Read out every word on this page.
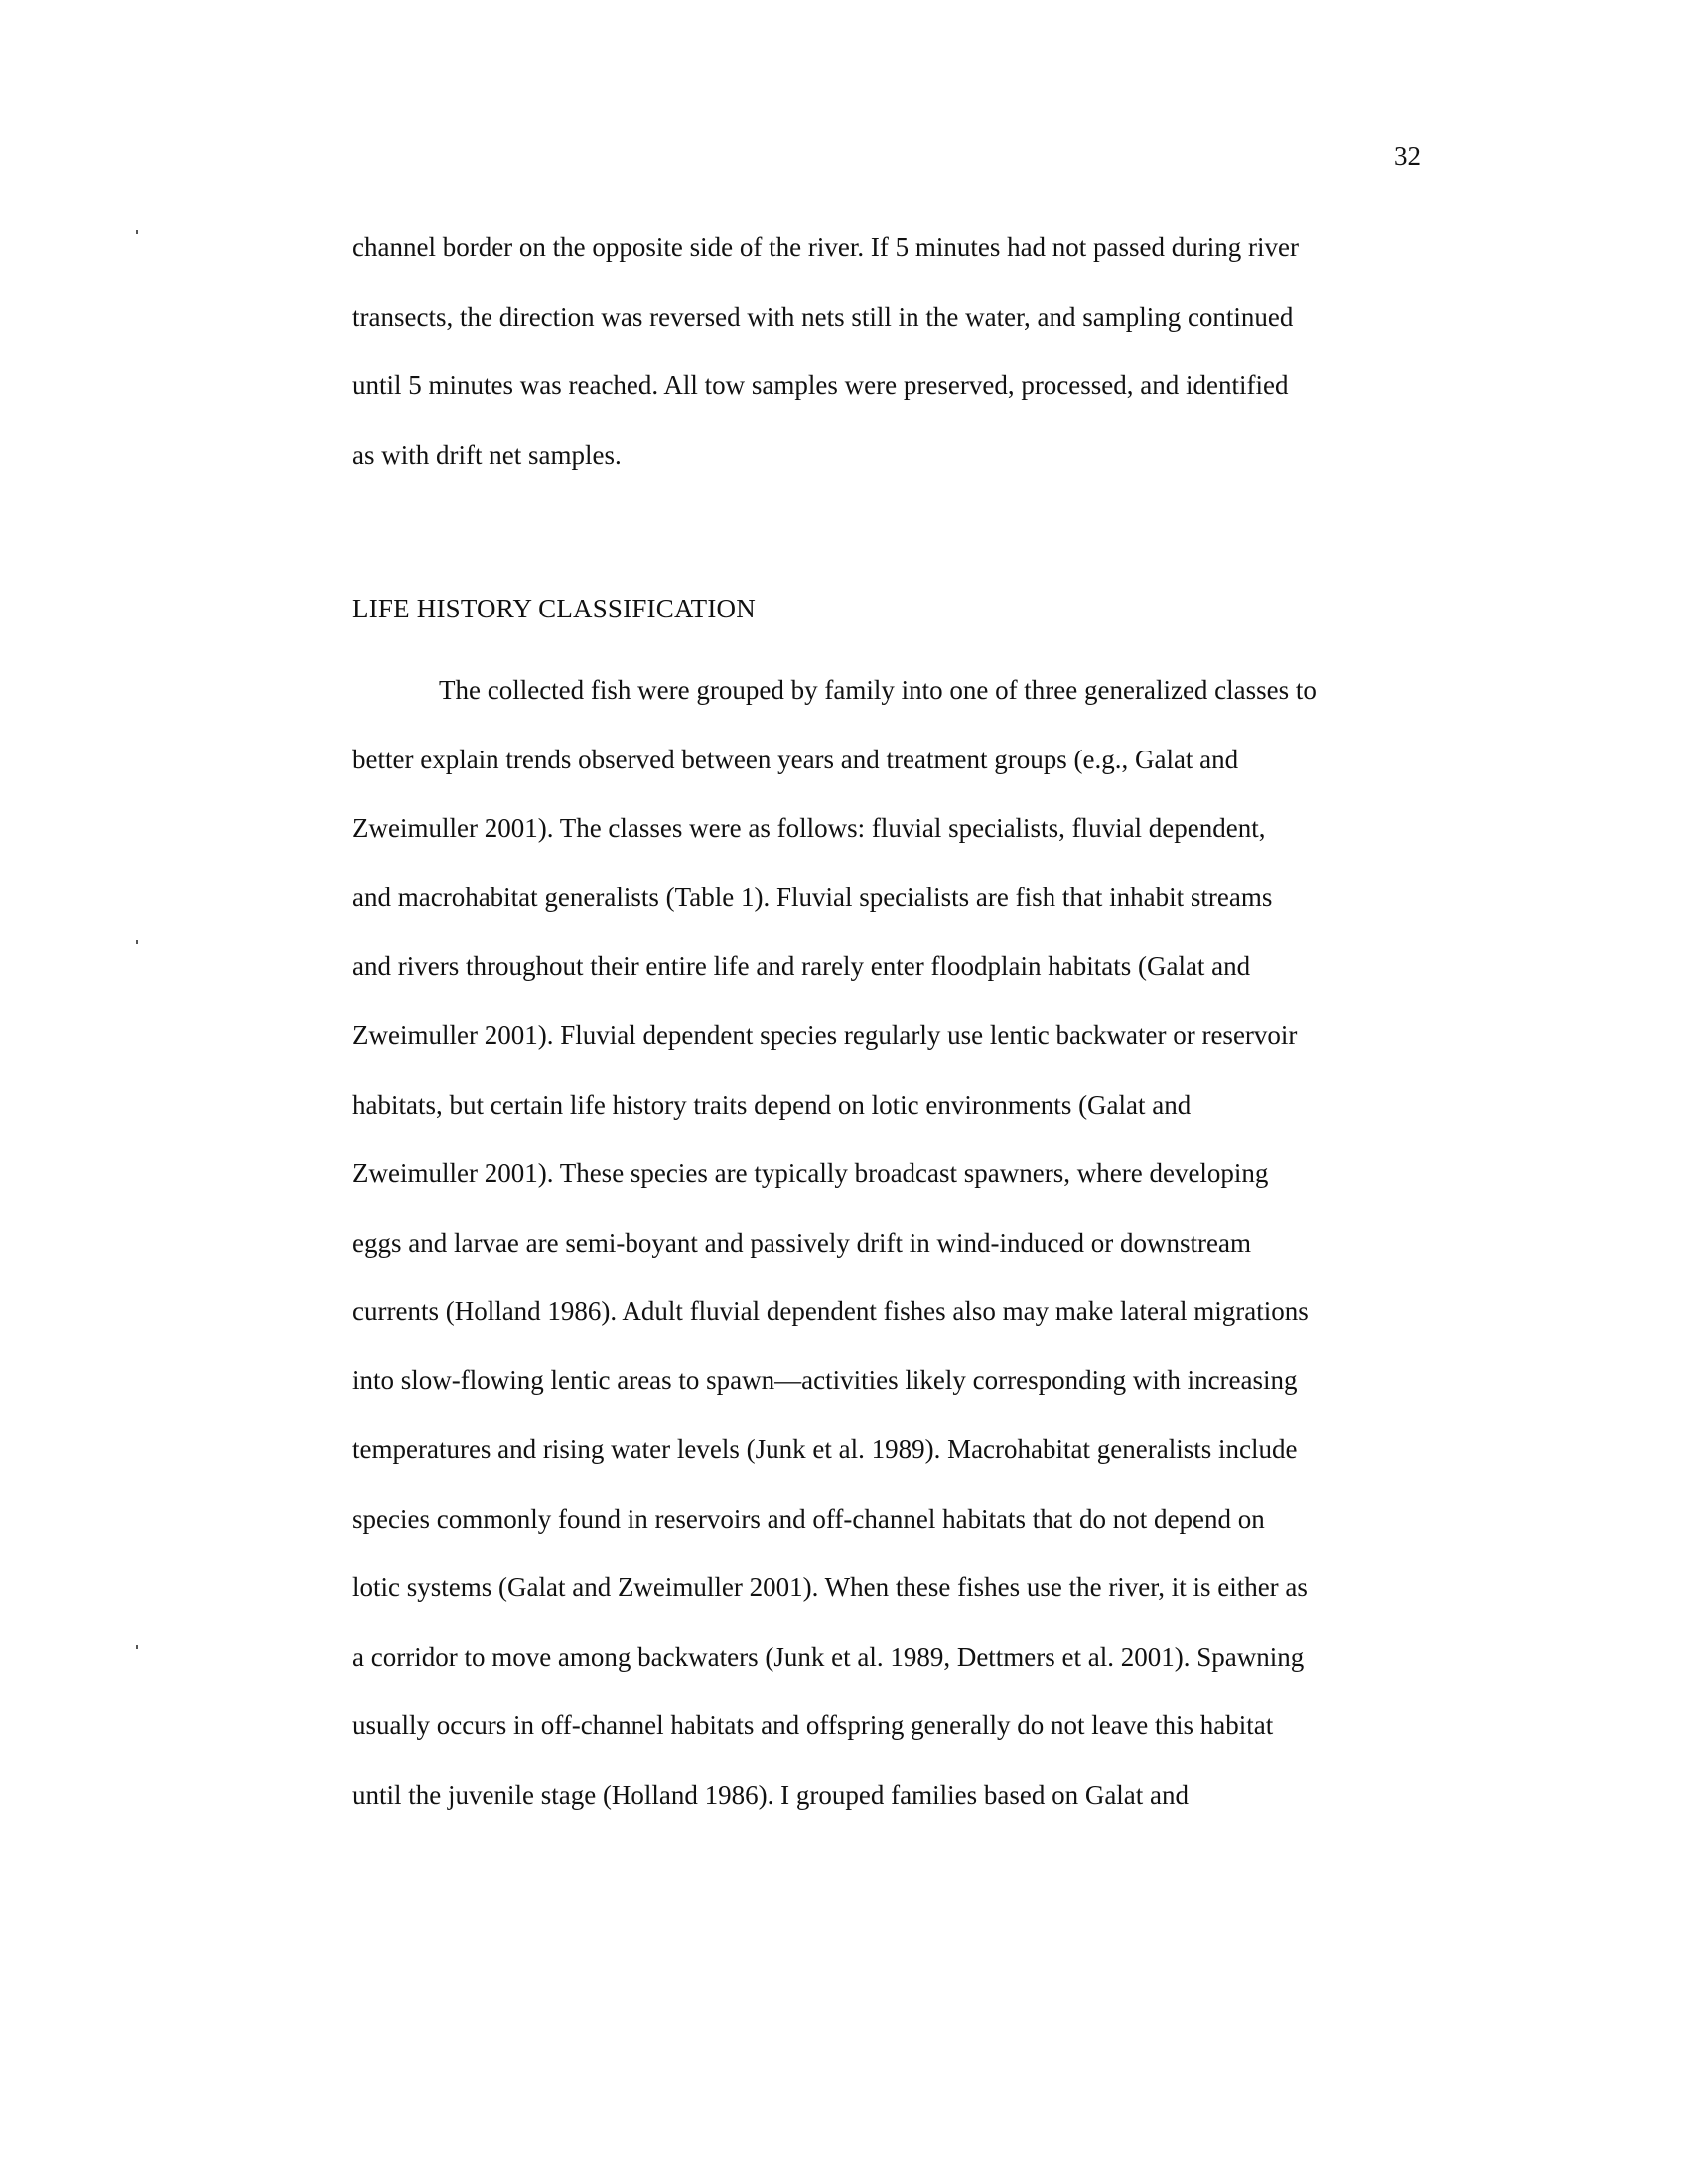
32
channel border on the opposite side of the river. If 5 minutes had not passed during river
transects, the direction was reversed with nets still in the water, and sampling continued
until 5 minutes was reached. All tow samples were preserved, processed, and identified
as with drift net samples.
LIFE HISTORY CLASSIFICATION
The collected fish were grouped by family into one of three generalized classes to
better explain trends observed between years and treatment groups (e.g., Galat and
Zweimuller 2001). The classes were as follows: fluvial specialists, fluvial dependent,
and macrohabitat generalists (Table 1). Fluvial specialists are fish that inhabit streams
and rivers throughout their entire life and rarely enter floodplain habitats (Galat and
Zweimuller 2001). Fluvial dependent species regularly use lentic backwater or reservoir
habitats, but certain life history traits depend on lotic environments (Galat and
Zweimuller 2001). These species are typically broadcast spawners, where developing
eggs and larvae are semi-boyant and passively drift in wind-induced or downstream
currents (Holland 1986). Adult fluvial dependent fishes also may make lateral migrations
into slow-flowing lentic areas to spawn—activities likely corresponding with increasing
temperatures and rising water levels (Junk et al. 1989). Macrohabitat generalists include
species commonly found in reservoirs and off-channel habitats that do not depend on
lotic systems (Galat and Zweimuller 2001). When these fishes use the river, it is either as
a corridor to move among backwaters (Junk et al. 1989, Dettmers et al. 2001). Spawning
usually occurs in off-channel habitats and offspring generally do not leave this habitat
until the juvenile stage (Holland 1986). I grouped families based on Galat and
